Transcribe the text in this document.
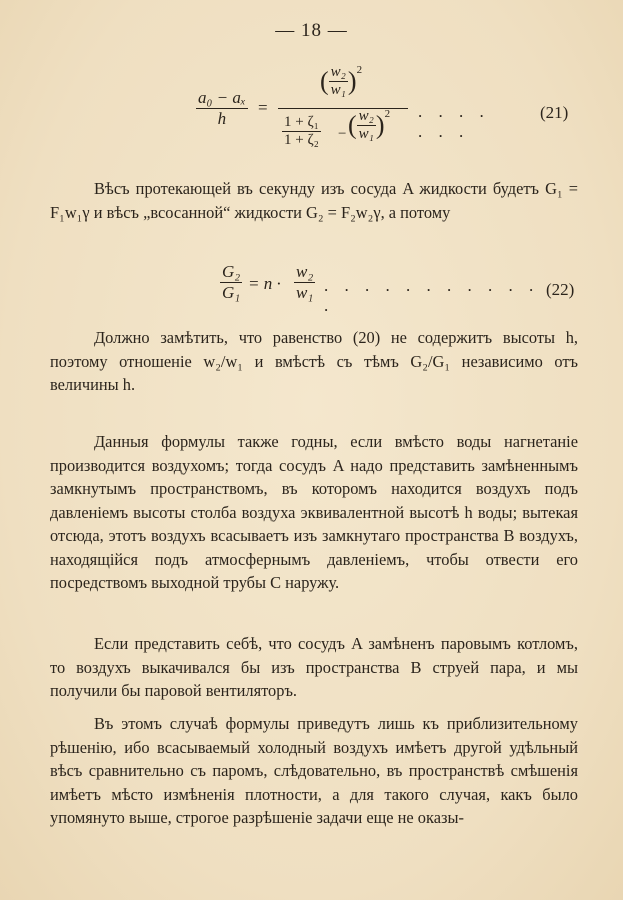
— 18 —
$\frac{\text{a₀ − aₓ}}{h}$ =
( $\frac{\text{w₂}}{\text{w₁}} )^2$
$\frac{\text{1 + ζ₁}}{\text{1 + ζ₂}}$ − ( $\frac{\text{w₂}}{\text{w₁}} )^2$ . . . . . . .
(21)
Вѣсъ протекающей въ секунду изъ сосуда A жидкости будетъ G₁ = F₁w₁γ и вѣсъ „всосанной“ жидкости G₂ = F₂w₂γ, а потому
$\frac{\text{G₂}}{\text{G₁}} = n \cdot \frac{\text{w₂}}{\text{w₁}}$ . . . . . . . . . . . .
(22)
Должно замѣтить, что равенство (20) не содержитъ высоты h, поэтому отношеніе w₂/w₁ и вмѣстѣ съ тѣмъ G₂/G₁ независимо отъ величины h.
Данныя формулы также годны, если вмѣсто воды нагнетаніе производится воздухомъ; тогда сосудъ A надо представить замѣненнымъ замкнутымъ пространствомъ, въ которомъ находится воздухъ подъ давленіемъ высоты столба воздуха эквивалентной высотѣ h воды; вытекая отсюда, этотъ воздухъ всасываетъ изъ замкнутаго пространства B воздухъ, находящійся подъ атмосфернымъ давленіемъ, чтобы отвести его посредствомъ выходной трубы C наружу.
Если представить себѣ, что сосудъ A замѣненъ паровымъ котломъ, то воздухъ выкачивался бы изъ пространства B струей пара, и мы получили бы паровой вентиляторъ.
Въ этомъ случаѣ формулы приведутъ лишь къ приблизительному рѣшенію, ибо всасываемый холодный воздухъ имѣетъ другой удѣльный вѣсъ сравнительно съ паромъ, слѣдовательно, въ пространствѣ смѣшенія имѣетъ мѣсто измѣненія плотности, а для такого случая, какъ было упомянуто выше, строгое разрѣшеніе задачи еще не оказы-
